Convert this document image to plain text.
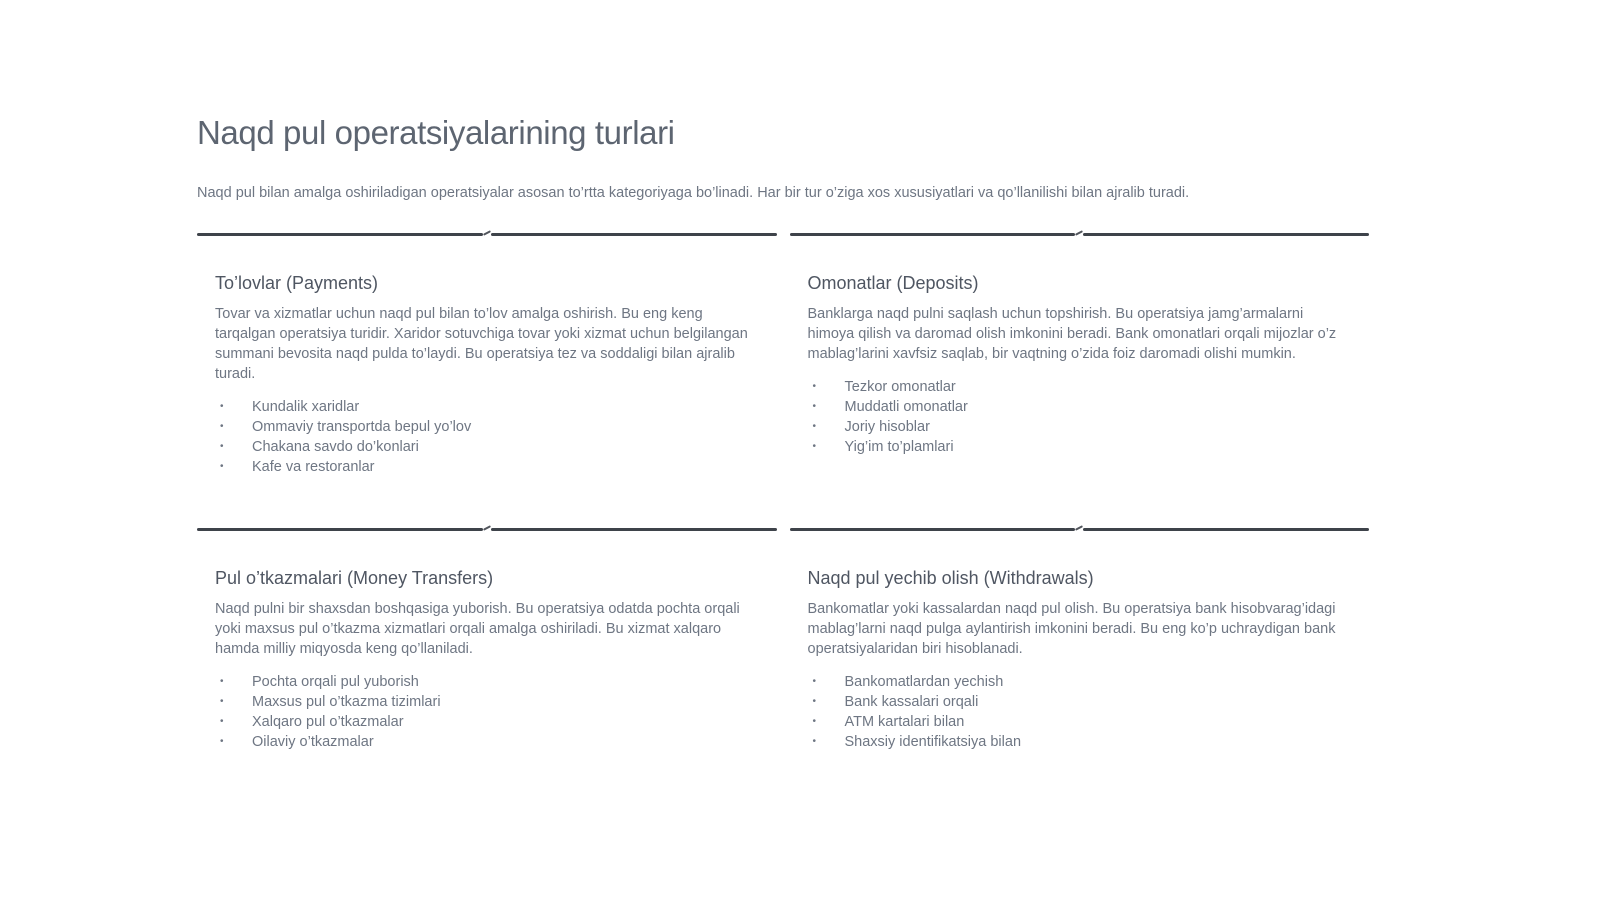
Naqd pul operatsiyalarining turlari

Naqd pul bilan amalga oshiriladigan operatsiyalar asosan to’rtta kategoriyaga bo’linadi. Har bir tur o’ziga xos xususiyatlari va qo’llanilishi bilan ajralib turadi.

To’lovlar (Payments)

Tovar va xizmatlar uchun naqd pul bilan to’lov amalga oshirish. Bu eng keng tarqalgan operatsiya turidir. Xaridor sotuvchiga tovar yoki xizmat uchun belgilangan summani bevosita naqd pulda to’laydi. Bu operatsiya tez va soddaligi bilan ajralib turadi.

•	Kundalik xaridlar
•	Ommaviy transportda bepul yo’lov
•	Chakana savdo do’konlari
•	Kafe va restoranlar
Omonatlar (Deposits)

Banklarga naqd pulni saqlash uchun topshirish. Bu operatsiya jamg’armalarni himoya qilish va daromad olish imkonini beradi. Bank omonatlari orqali mijozlar o’z mablag’larini xavfsiz saqlab, bir vaqtning o’zida foiz daromadi olishi mumkin.

•	Tezkor omonatlar
•	Muddatli omonatlar
•	Joriy hisoblar
•	Yig’im to’plamlari
Pul o’tkazmalari (Money Transfers)

Naqd pulni bir shaxsdan boshqasiga yuborish. Bu operatsiya odatda pochta orqali yoki maxsus pul o’tkazma xizmatlari orqali amalga oshiriladi. Bu xizmat xalqaro hamda milliy miqyosda keng qo’llaniladi.

•	Pochta orqali pul yuborish
•	Maxsus pul o’tkazma tizimlari
•	Xalqaro pul o’tkazmalar
•	Oilaviy o’tkazmalar
Naqd pul yechib olish (Withdrawals)

Bankomatlar yoki kassalardan naqd pul olish. Bu operatsiya bank hisobvarag’idagi mablag’larni naqd pulga aylantirish imkonini beradi. Bu eng ko’p uchraydigan bank operatsiyalaridan biri hisoblanadi.

•	Bankomatlardan yechish
•	Bank kassalari orqali
•	ATM kartalari bilan
•	Shaxsiy identifikatsiya bilan
